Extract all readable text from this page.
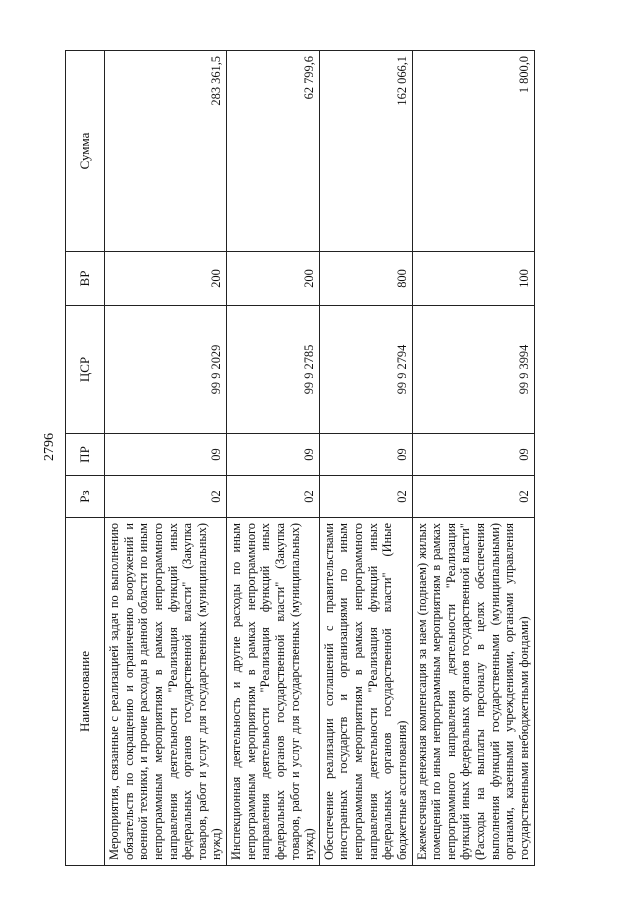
2796
Наименование	Рз	ПР	ЦСР	ВР	Сумма
Мероприятия, связанные с реализацией задач по выполнению обязательств по сокращению и ограничению вооружений и военной техники, и прочие расходы в данной области по иным непрограммным мероприятиям в рамках непрограммного направления деятельности "Реализация функций иных федеральных органов государственной власти" (Закупка товаров, работ и услуг для государственных (муниципальных) нужд)	02	09	99 9 2029	200	283 361,5
Инспекционная деятельность и другие расходы по иным непрограммным мероприятиям в рамках непрограммного направления деятельности "Реализация функций иных федеральных органов государственной власти" (Закупка товаров, работ и услуг для государственных (муниципальных) нужд)	02	09	99 9 2785	200	62 799,6
Обеспечение реализации соглашений с правительствами иностранных государств и организациями по иным непрограммным мероприятиям в рамках непрограммного направления деятельности "Реализация функций иных федеральных органов государственной власти" (Иные бюджетные ассигнования)	02	09	99 9 2794	800	162 066,1
Ежемесячная денежная компенсация за наем (поднаем) жилых помещений по иным непрограммным мероприятиям в рамках непрограммного направления деятельности "Реализация функций иных федеральных органов государственной власти" (Расходы на выплаты персоналу в целях обеспечения выполнения функций государственными (муниципальными) органами, казенными учреждениями, органами управления государственными внебюджетными фондами)	02	09	99 9 3994	100	1 800,0
